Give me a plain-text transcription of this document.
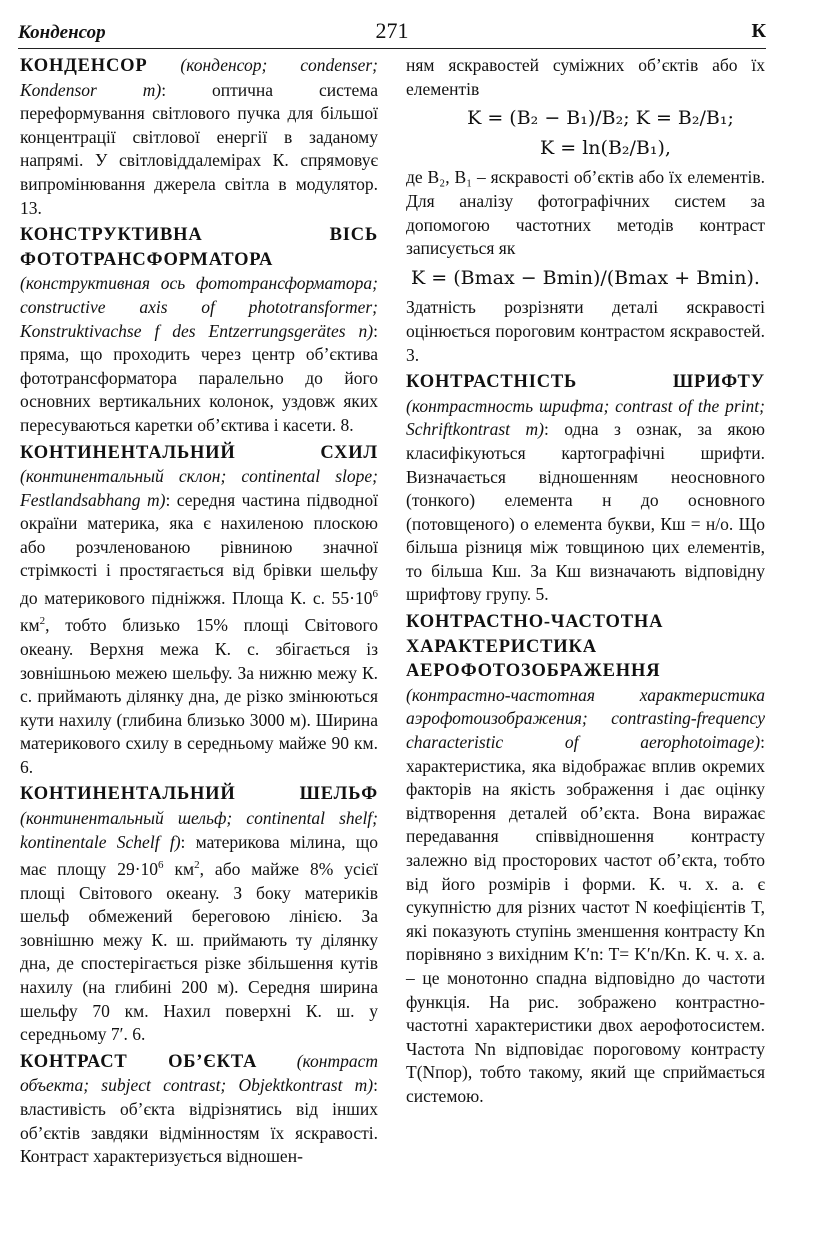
Конденсор	271	К

КОНДЕНСОР (конденсор; condenser; Kondensor m): оптична система переформування світлового пучка для більшої концентрації світлової енергії в заданому напрямі. У світловіддалемірах К. спрямовує випромінювання джерела світла в модулятор. 13.

КОНСТРУКТИВНА ВІСЬ ФОТОТРАНСФОРМАТОРА (конструктивная ось фототрансформатора; constructive axis of phototransformer; Konstruktivachse f des Entzerrungsgerätes n): пряма, що проходить через центр об’єктива фототрансформатора паралельно до його основних вертикальних колонок, уздовж яких пересуваються каретки об’єктива і касети. 8.

КОНТИНЕНТАЛЬНИЙ СХИЛ (континентальный склон; continental slope; Festlandsabhang m): середня частина підводної окраїни материка, яка є нахиленою плоскою або розчленованою рівниною значної стрімкості і простягається від брівки шельфу до материкового підніжжя. Площа К. с. $55\cdot 10^6$ $км^2$, тобто близько 15% площі Світового океану. Верхня межа К. с. збігається із зовнішньою межею шельфу. За нижню межу К. с. приймають ділянку дна, де різко змінюються кути нахилу (глибина близько 3000 м). Ширина материкового схилу в середньому майже 90 км. 6.

КОНТИНЕНТАЛЬНИЙ ШЕЛЬФ (континентальный шельф; continental shelf; kontinentale Schelf f): материкова мілина, що має площу $29\cdot 10^6$ $км^2$, або майже 8% усієї площі Світового океану. З боку материків шельф обмежений береговою лінією. За зовнішню межу К. ш. приймають ту ділянку дна, де спостерігається різке збільшення кутів нахилу (на глибині 200 м). Середня ширина шельфу 70 км. Нахил поверхні К. ш. у середньому 7′. 6.

КОНТРАСТ ОБ’ЄКТА (контраст объекта; subject contrast; Objektkontrast m): властивість об’єкта відрізнятись від інших об’єктів завдяки відмінностям їх яскравості. Контраст характеризується відношен-

ням яскравостей суміжних об’єктів або їх елементів

K = (B₂ − B₁)/B₂; K = B₂/B₁;
K = ln(B₂/B₁),

де B₂, B₁ – яскравості об’єктів або їх елементів. Для аналізу фотографічних систем за допомогою частотних методів контраст записується як

K = (Bmax − Bmin)/(Bmax + Bmin).

Здатність розрізняти деталі яскравості оцінюється пороговим контрастом яскравостей. 3.

КОНТРАСТНІСТЬ ШРИФТУ (контрастность шрифта; contrast of the print; Schriftkontrast m): одна з ознак, за якою класифікуються картографічні шрифти. Визначається відношенням неосновного (тонкого) елемента н до основного (потовщеного) о елемента букви, Кш = н/о. Що більша різниця між товщиною цих елементів, то більша Кш. За Кш визначають відповідну шрифтову групу. 5.

КОНТРАСТНО-ЧАСТОТНА ХАРАКТЕРИСТИКА АЕРОФОТОЗОБРАЖЕННЯ (контрастно-частотная характеристика аэрофотоизображения; contrasting-frequency characteristic of aerophotoimage): характеристика, яка відображає вплив окремих факторів на якість зображення і дає оцінку відтворення деталей об’єкта. Вона виражає передавання співвідношення контрасту залежно від просторових частот об’єкта, тобто від його розмірів і форми. К. ч. х. а. є сукупністю для різних частот N коефіцієнтів T, які показують ступінь зменшення контрасту Kn порівняно з вихідним K′n: T= K′n/Kn. К. ч. х. а. – це монотонно спадна відповідно до частоти функція. На рис. зображено контрастно-частотні характеристики двох аерофотосистем. Частота Nn відповідає пороговому контрасту T(Nпор), тобто такому, який ще сприймається системою.
